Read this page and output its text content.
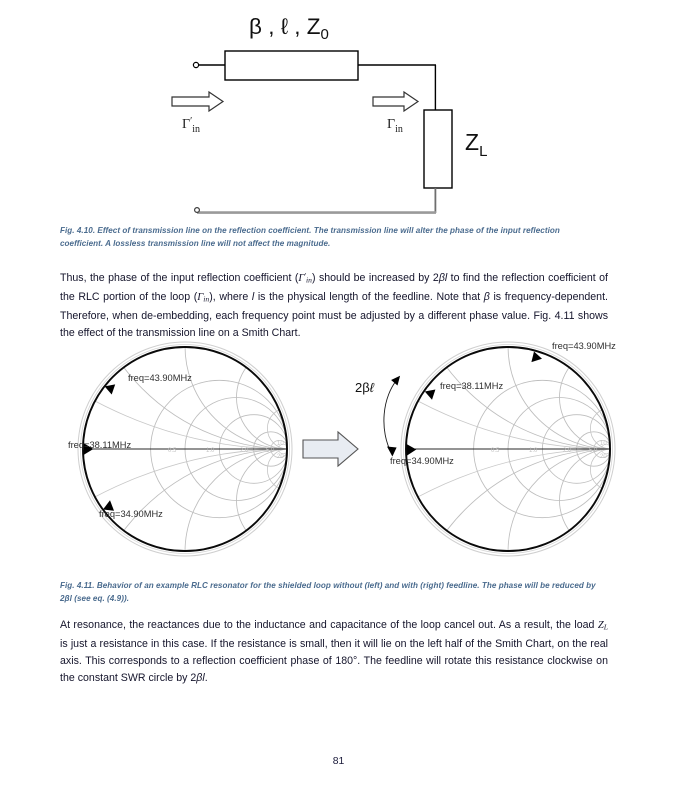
β , ℓ , $Z_0$
$\Gamma'_{in}$	$\Gamma_{in}$	$Z_L$
Fig. 4.10. Effect of transmission line on the reflection coefficient. The transmission line will alter the phase of the input reflection coefficient. A lossless transmission line will not affect the magnitude.
Thus, the phase of the input reflection coefficient $(\Gamma'_{in})$ should be increased by 2βl to find the reflection coefficient of the RLC portion of the loop $(\Gamma_{in})$, where l is the physical length of the feedline. Note that β is frequency-dependent. Therefore, when de-embedding, each frequency point must be adjusted by a different phase value. Fig. 4.11 shows the effect of the transmission line on a Smith Chart.
freq=43.90MHz
freq=38.11MHz
freq=34.90MHz
0.5	1.0	2.0	5.0
10
20
2βℓ
freq=43.90MHz
freq=38.11MHz
freq=34.90MHz
0.5	1.0	2.0	5.0
10
20
Fig. 4.11. Behavior of an example RLC resonator for the shielded loop without (left) and with (right) feedline. The phase will be reduced by 2βl (see eq. (4.9)).
At resonance, the reactances due to the inductance and capacitance of the loop cancel out. As a result, the load $Z_L$ is just a resistance in this case. If the resistance is small, then it will lie on the left half of the Smith Chart, on the real axis. This corresponds to a reflection coefficient phase of 180°. The feedline will rotate this resistance clockwise on the constant SWR circle by 2βl.
81
